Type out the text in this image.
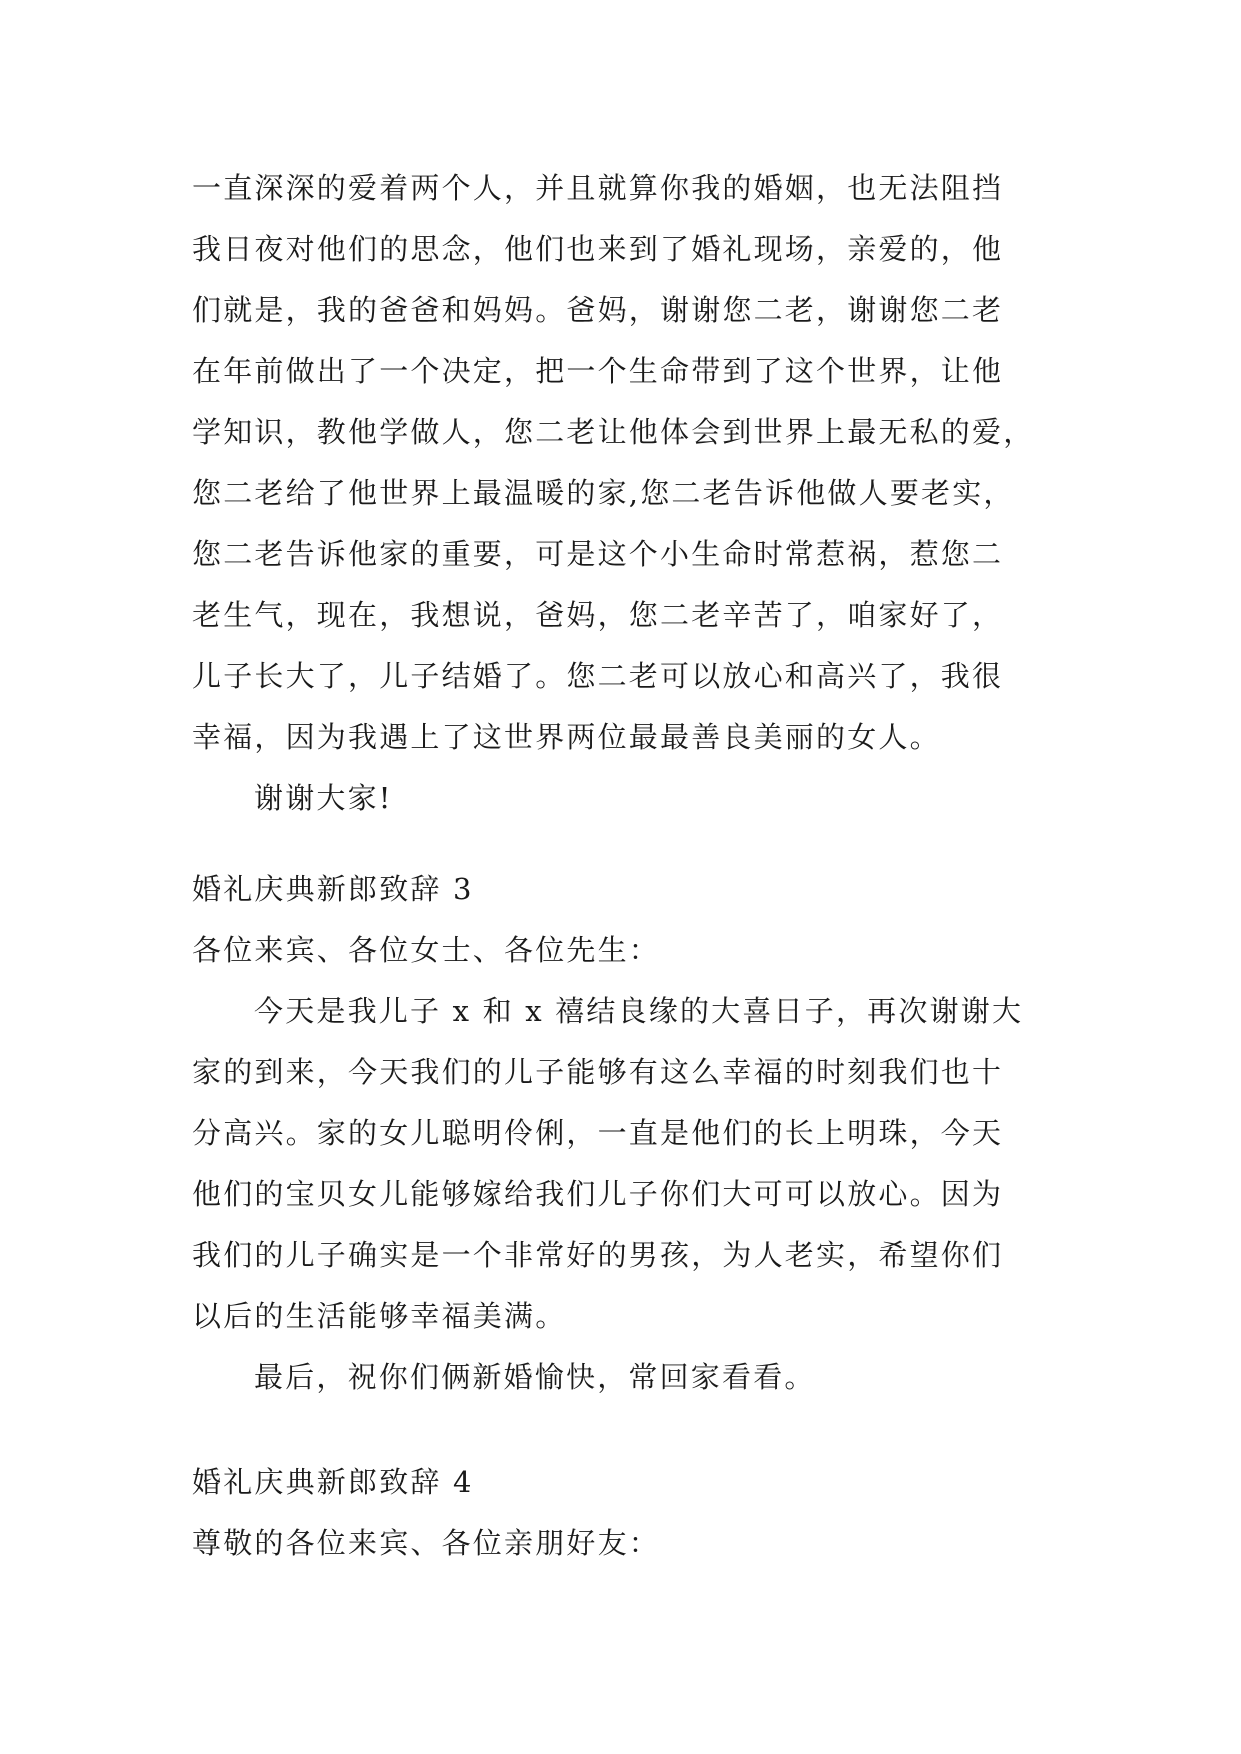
一直深深的爱着两个人，并且就算你我的婚姻，也无法阻挡
我日夜对他们的思念，他们也来到了婚礼现场，亲爱的，他
们就是，我的爸爸和妈妈。爸妈，谢谢您二老，谢谢您二老
在年前做出了一个决定，把一个生命带到了这个世界，让他
学知识，教他学做人，您二老让他体会到世界上最无私的爱，
您二老给了他世界上最温暖的家,您二老告诉他做人要老实，
您二老告诉他家的重要，可是这个小生命时常惹祸，惹您二
老生气，现在，我想说，爸妈，您二老辛苦了，咱家好了，
儿子长大了，儿子结婚了。您二老可以放心和高兴了，我很
幸福，因为我遇上了这世界两位最最善良美丽的女人。
谢谢大家!
婚礼庆典新郎致辞 3
各位来宾、各位女士、各位先生：
今天是我儿子 x 和 x 禧结良缘的大喜日子，再次谢谢大
家的到来，今天我们的儿子能够有这么幸福的时刻我们也十
分高兴。家的女儿聪明伶俐，一直是他们的长上明珠，今天
他们的宝贝女儿能够嫁给我们儿子你们大可可以放心。因为
我们的儿子确实是一个非常好的男孩，为人老实，希望你们
以后的生活能够幸福美满。
最后，祝你们俩新婚愉快，常回家看看。
婚礼庆典新郎致辞 4
尊敬的各位来宾、各位亲朋好友：
